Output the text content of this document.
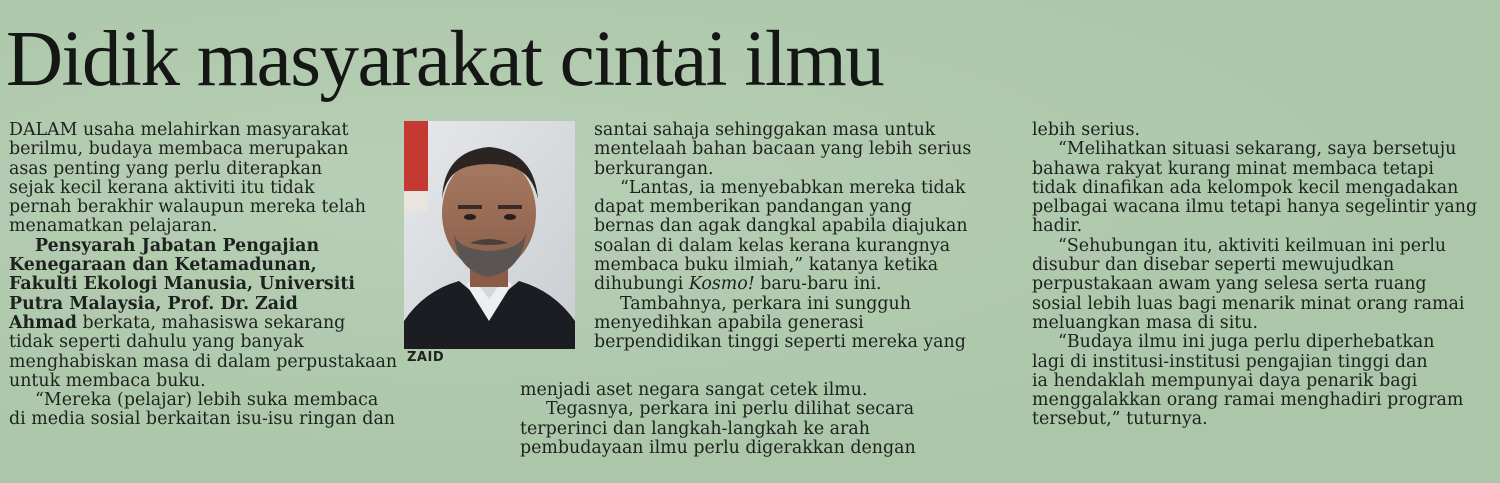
Didik masyarakat cintai ilmu
DALAM usaha melahirkan masyarakat
berilmu, budaya membaca merupakan
asas penting yang perlu diterapkan
sejak kecil kerana aktiviti itu tidak
pernah berakhir walaupun mereka telah
menamatkan pelajaran.
Pensyarah Jabatan Pengajian
Kenegaraan dan Ketamadunan,
Fakulti Ekologi Manusia, Universiti
Putra Malaysia, Prof. Dr. Zaid
Ahmad berkata, mahasiswa sekarang
tidak seperti dahulu yang banyak
menghabiskan masa di dalam perpustakaan
untuk membaca buku.
“Mereka (pelajar) lebih suka membaca
di media sosial berkaitan isu-isu ringan dan
ZAID
santai sahaja sehinggakan masa untuk
mentelaah bahan bacaan yang lebih serius
berkurangan.
“Lantas, ia menyebabkan mereka tidak
dapat memberikan pandangan yang
bernas dan agak dangkal apabila diajukan
soalan di dalam kelas kerana kurangnya
membaca buku ilmiah,” katanya ketika
dihubungi Kosmo! baru-baru ini.
Tambahnya, perkara ini sungguh
menyedihkan apabila generasi
berpendidikan tinggi seperti mereka yang
menjadi aset negara sangat cetek ilmu.
Tegasnya, perkara ini perlu dilihat secara
terperinci dan langkah-langkah ke arah
pembudayaan ilmu perlu digerakkan dengan
lebih serius.
“Melihatkan situasi sekarang, saya bersetuju
bahawa rakyat kurang minat membaca tetapi
tidak dinafikan ada kelompok kecil mengadakan
pelbagai wacana ilmu tetapi hanya segelintir yang
hadir.
“Sehubungan itu, aktiviti keilmuan ini perlu
disubur dan disebar seperti mewujudkan
perpustakaan awam yang selesa serta ruang
sosial lebih luas bagi menarik minat orang ramai
meluangkan masa di situ.
“Budaya ilmu ini juga perlu diperhebatkan
lagi di institusi-institusi pengajian tinggi dan
ia hendaklah mempunyai daya penarik bagi
menggalakkan orang ramai menghadiri program
tersebut,” tuturnya.
